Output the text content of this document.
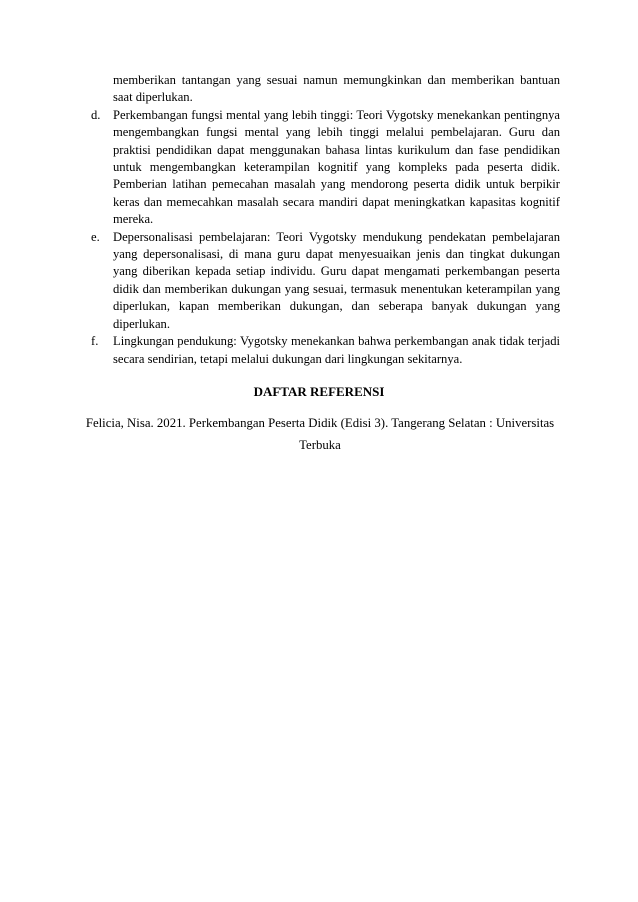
memberikan tantangan yang sesuai namun memungkinkan dan memberikan bantuan saat diperlukan.
d. Perkembangan fungsi mental yang lebih tinggi: Teori Vygotsky menekankan pentingnya mengembangkan fungsi mental yang lebih tinggi melalui pembelajaran. Guru dan praktisi pendidikan dapat menggunakan bahasa lintas kurikulum dan fase pendidikan untuk mengembangkan keterampilan kognitif yang kompleks pada peserta didik. Pemberian latihan pemecahan masalah yang mendorong peserta didik untuk berpikir keras dan memecahkan masalah secara mandiri dapat meningkatkan kapasitas kognitif mereka.
e. Depersonalisasi pembelajaran: Teori Vygotsky mendukung pendekatan pembelajaran yang depersonalisasi, di mana guru dapat menyesuaikan jenis dan tingkat dukungan yang diberikan kepada setiap individu. Guru dapat mengamati perkembangan peserta didik dan memberikan dukungan yang sesuai, termasuk menentukan keterampilan yang diperlukan, kapan memberikan dukungan, dan seberapa banyak dukungan yang diperlukan.
f. Lingkungan pendukung: Vygotsky menekankan bahwa perkembangan anak tidak terjadi secara sendirian, tetapi melalui dukungan dari lingkungan sekitarnya.
DAFTAR REFERENSI
Felicia, Nisa. 2021. Perkembangan Peserta Didik (Edisi 3). Tangerang Selatan : Universitas Terbuka
